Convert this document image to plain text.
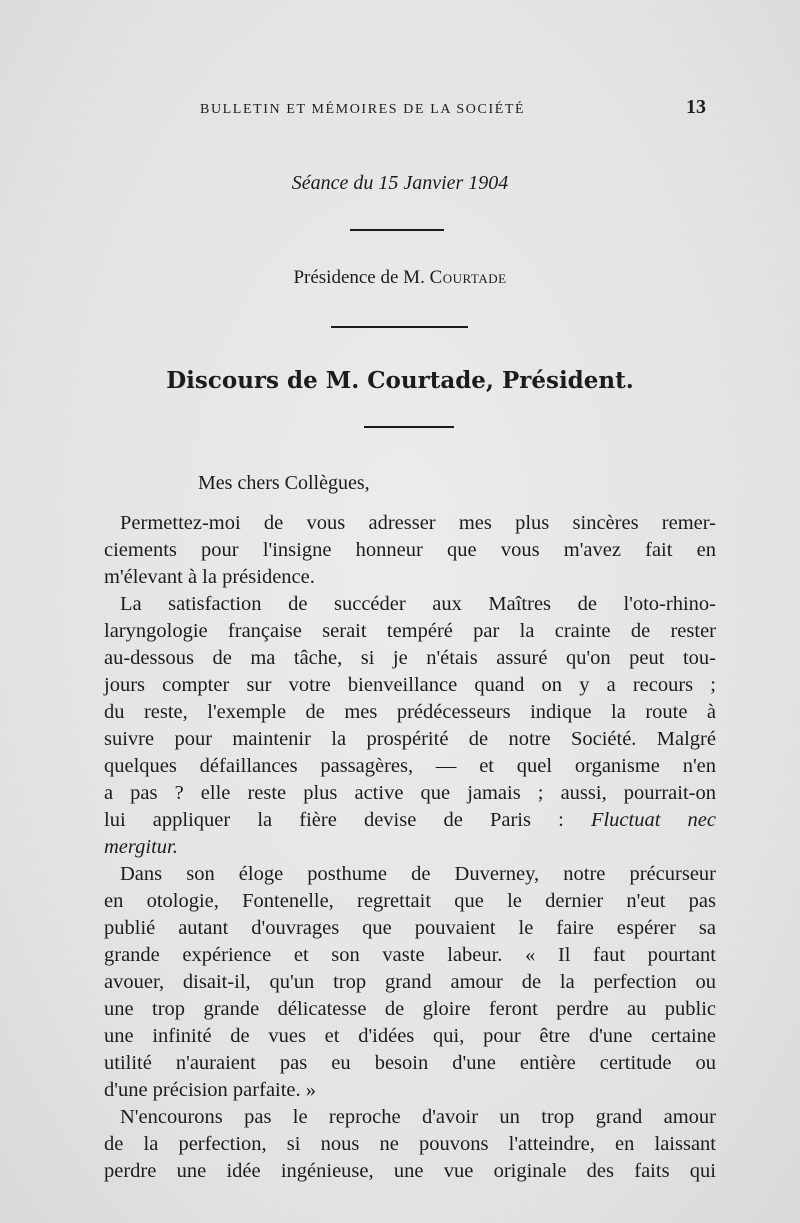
BULLETIN ET MÉMOIRES DE LA SOCIÉTÉ	13
Séance du 15 Janvier 1904
Présidence de M. Courtade
Discours de M. Courtade, Président.
Mes chers Collègues,
Permettez-moi de vous adresser mes plus sincères remer-
ciements pour l'insigne honneur que vous m'avez fait en
m'élevant à la présidence.
La satisfaction de succéder aux Maîtres de l'oto-rhino-
laryngologie française serait tempéré par la crainte de rester
au-dessous de ma tâche, si je n'étais assuré qu'on peut tou-
jours compter sur votre bienveillance quand on y a recours ;
du reste, l'exemple de mes prédécesseurs indique la route à
suivre pour maintenir la prospérité de notre Société. Malgré
quelques défaillances passagères, — et quel organisme n'en
a pas ? elle reste plus active que jamais ; aussi, pourrait-on
lui appliquer la fière devise de Paris : Fluctuat nec
mergitur.
Dans son éloge posthume de Duverney, notre précurseur
en otologie, Fontenelle, regrettait que le dernier n'eut pas
publié autant d'ouvrages que pouvaient le faire espérer sa
grande expérience et son vaste labeur. « Il faut pourtant
avouer, disait-il, qu'un trop grand amour de la perfection ou
une trop grande délicatesse de gloire feront perdre au public
une infinité de vues et d'idées qui, pour être d'une certaine
utilité n'auraient pas eu besoin d'une entière certitude ou
d'une précision parfaite. »
N'encourons pas le reproche d'avoir un trop grand amour
de la perfection, si nous ne pouvons l'atteindre, en laissant
perdre une idée ingénieuse, une vue originale des faits qui
